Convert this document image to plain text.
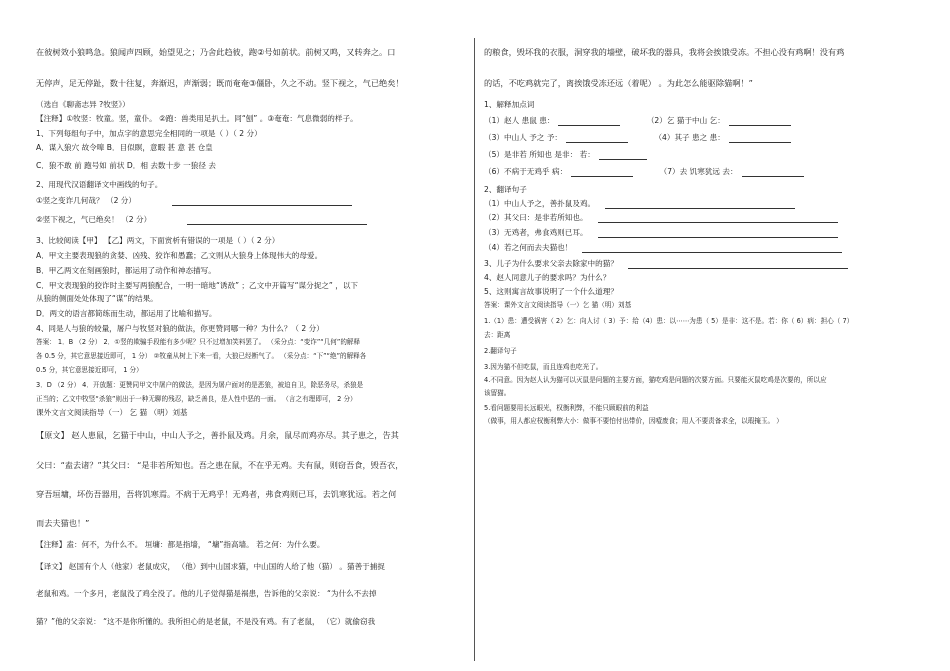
在彼树效小狼鸣急。狼闻声四顾，始望见之；乃舍此趋彼，跑②号如前状。前树又鸣，又转奔之。口
无停声，足无停趾，数十往复，奔渐迟，声渐弱；既而奄奄③僵卧，久之不动。竖下视之，气已绝矣！
（选自《聊斋志异 ?牧竖》）
【注释】①牧竖：牧童。竖，童仆。 ②跑：兽类用足扒土。同“刨” 。③奄奄：气息微弱的样子。
1、下列每组句子中，加点字的意思完全相同的一项是（ ）（ 2 分）
A．谋入狼穴 故令嗥 B．目似瞑，意暇 甚 意 甚 仓皇
C．狼不敢 前 跑号如 前状 D．相 去数十步 一狼径 去
2、用现代汉语翻译文中画线的句子。
①竖之变诈几何哉？ （2 分）
②竖下视之，气已绝矣！ （2 分）
3、比较阅读【甲】 【乙】两文，下面赏析有错误的一项是（ ）（ 2 分）
A．甲文主要表现狼的贪婪、凶残、狡诈和愚蠢；乙文则从大狼身上体现伟大的母爱。
B．甲乙两文在刻画狼时，都运用了动作和神态描写。
C．甲文表现狼的狡诈时主要写两狼配合，一明一暗地“诱敌” ；乙文中开篇写“谋分捉之” ，以下
从狼的侧面处处体现了“谋”的结果。
D．两文的语言都简练而生动，都运用了比喻和描写。
4、同是人与狼的较量，屠户与牧竖对狼的做法，你更赞同哪一种？为什么？（ 2 分）
答案： 1．B （2 分） 2．①竖的欺骗手段能有多少呢？只不过增加笑料罢了。 （采分点：“变诈”“几何”的解释
各 0.5 分，其它意思接近即可， 1 分） ②牧童从树上下来一看，大狼已经断气了。 （采分点：“下”“绝”的解释各
0.5 分，其它意思接近即可， 1 分）
3．D （2 分） 4．开放题：更赞同甲文中屠户的做法，是因为屠户面对的是恶狼，被迫自卫，除恶务尽，杀狼是
正当的；乙文中牧竖“杀狼”则出于一种无聊的残忍，缺乏善良，是人性中恶的一面。 （言之有理即可， 2 分）
课外文言文阅读指导（一） 乞 猫 （明）刘基
【原文】 赵人患鼠，乞猫于中山，中山人予之，善扑鼠及鸡。月余，鼠尽而鸡亦尽。其子患之，告其
父曰：“盍去诸？”其父曰： “是非若所知也。吾之患在鼠，不在乎无鸡。夫有鼠，则窃吾食，毁吾衣，
穿吾垣墉，坏伤吾器用，吾将饥寒焉。不病于无鸡乎！无鸡者，弗食鸡则已耳，去饥寒犹远。若之何
而去夫猫也！”
【注释】盍：何不，为什么不。 垣墉：都是指墙， “墉”指高墙。 若之何：为什么要。
【译文】 赵国有个人（他家）老鼠成灾， （他）到中山国求猫，中山国的人给了他（猫） 。猫善于捕捉
老鼠和鸡。一个多月，老鼠没了鸡全没了。他的儿子觉得猫是祸患，告诉他的父亲说： “为什么不去掉
猫？”他的父亲说： “这不是你所懂的。我所担心的是老鼠，不是没有鸡。有了老鼠， （它）就偷窃我
的粮食，毁坏我的衣服，洞穿我的墙壁，破坏我的器具，我将会挨饿受冻。不担心没有鸡啊！没有鸡
的话，不吃鸡就完了，离挨饿受冻还远（着呢） 。为此怎么能驱除猫啊！”
1、解释加点词
（1）赵人 患鼠 患：	（2）乞 猫于中山 乞：
（3）中山人 予之 予：	（4）其子 患之 患：
（5）是非若 所知也 是非： 若：
（6）不病于无鸡乎 病：	（7）去 饥寒犹远 去：
2、翻译句子
（1）中山人予之，善扑鼠及鸡。
（2）其父曰：是非若所知也。
（3）无鸡者，弗食鸡则已耳。
（4）若之何而去夫猫也！
3、儿子为什么要求父亲去除家中的猫？
4、赵人同意儿子的要求吗？为什么？
5、这则寓言故事说明了一个什么道理？
答案：课外文言文阅读指导（一）乞 猫（明）刘基
1.（1）患：遭受祸害（ 2）乞：向人讨（ 3）予：给（4）患：以⋯⋯为患（ 5）是非：这不是。若：你（ 6）病：担心（ 7）
去：距离
2.翻译句子
3.因为猫不但吃鼠，而且连鸡也吃光了。
4.不同意。因为赵人认为猫可以灭鼠是问题的主要方面，猫吃鸡是问题的次要方面。只要能灭鼠吃鸡是次要的，所以应
该留猫。
5.看问题要用长远眼光，权衡利弊，不能只顾眼前的利益
（做事，用人都应权衡利弊大小：做事不要怕付出带价，因噎废食；用人不要责备求全，以瑕掩玉。 ）
